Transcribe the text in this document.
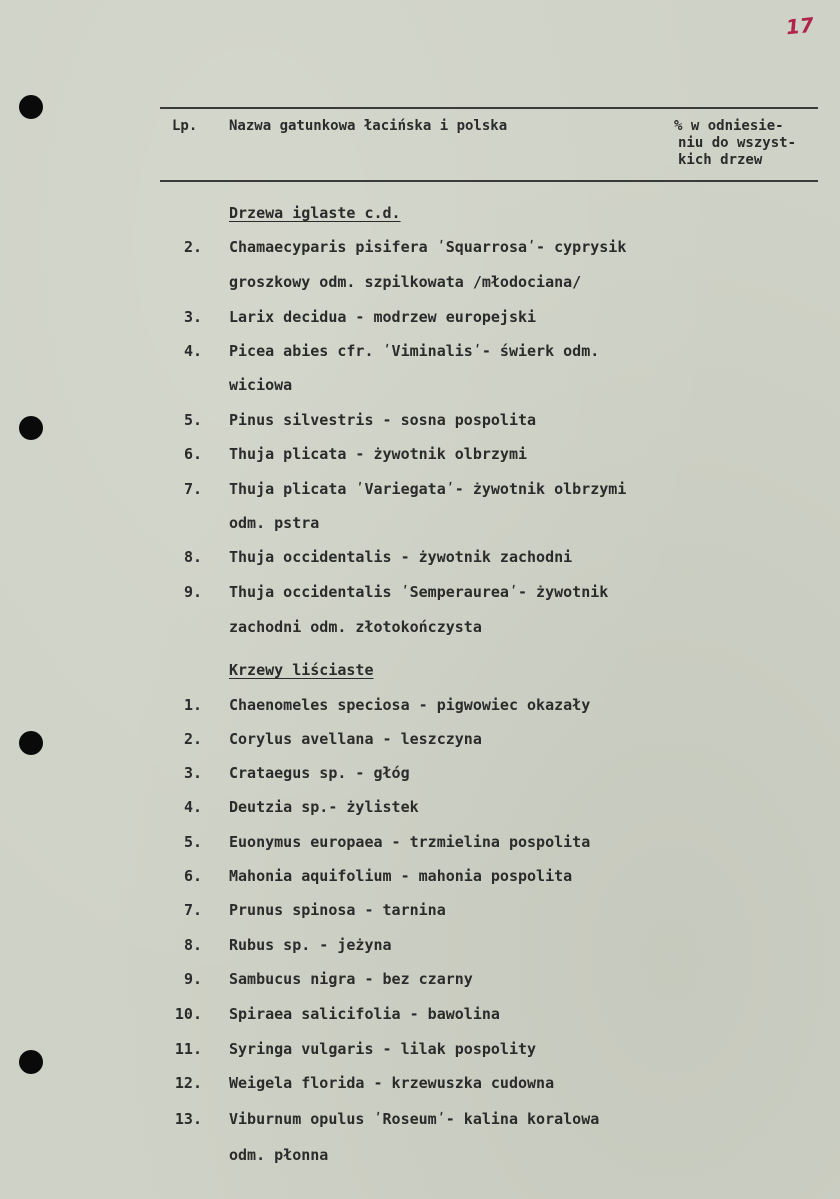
17
Lp. Nazwa gatunkowa łacińska i polska	% w odniesie-
niu do wszyst-
kich drzew
Drzewa iglaste c.d.
2. Chamaecyparis pisifera ʹSquarrosaʹ- cyprysik
groszkowy odm. szpilkowata /młodociana/
3. Larix decidua - modrzew europejski
4. Picea abies cfr. ʹViminalisʹ- świerk odm.
wiciowa
5. Pinus silvestris - sosna pospolita
6. Thuja plicata - żywotnik olbrzymi
7. Thuja plicata ʹVariegataʹ- żywotnik olbrzymi
odm. pstra
8. Thuja occidentalis - żywotnik zachodni
9. Thuja occidentalis ʹSemperaureaʹ- żywotnik
zachodni odm. złotokończysta
Krzewy liściaste
1. Chaenomeles speciosa - pigwowiec okazały
2. Corylus avellana - leszczyna
3. Crataegus sp. - głóg
4. Deutzia sp.- żylistek
5. Euonymus europaea - trzmielina pospolita
6. Mahonia aquifolium - mahonia pospolita
7. Prunus spinosa - tarnina
8. Rubus sp. - jeżyna
9. Sambucus nigra - bez czarny
10. Spiraea salicifolia - bawolina
11. Syringa vulgaris - lilak pospolity
12. Weigela florida - krzewuszka cudowna
13. Viburnum opulus ʹRoseumʹ- kalina koralowa
odm. płonna
